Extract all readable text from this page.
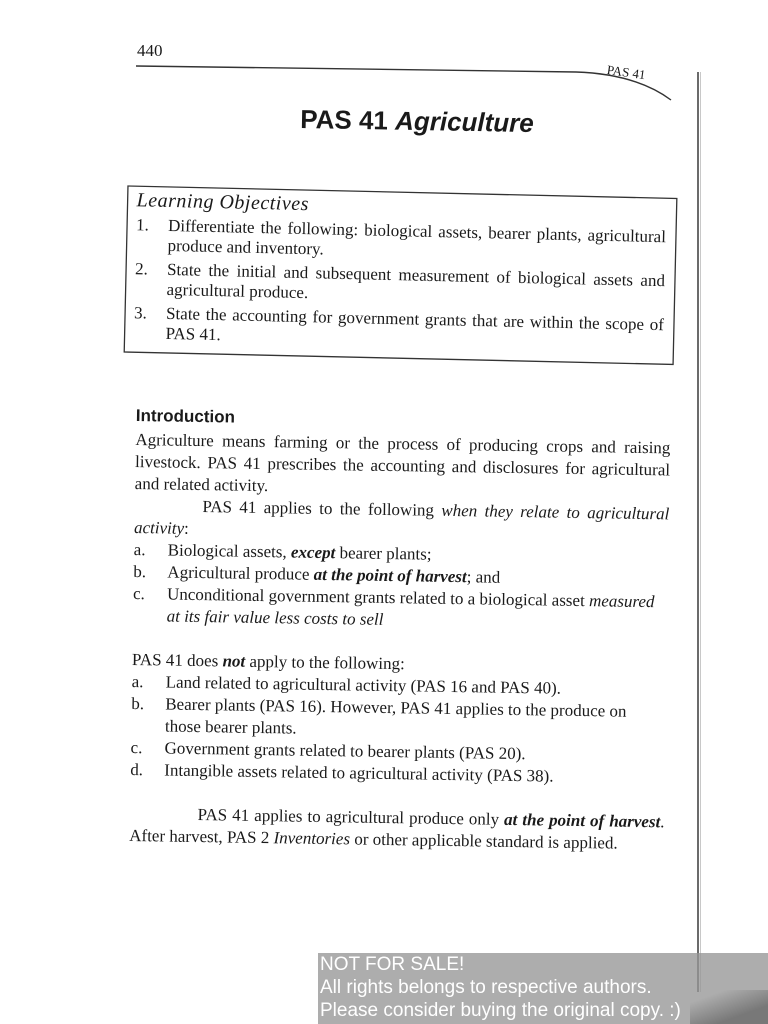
440
PAS 41
PAS 41 Agriculture
Learning Objectives
1. Differentiate the following: biological assets, bearer plants, agricultural produce and inventory.
2. State the initial and subsequent measurement of biological assets and agricultural produce.
3. State the accounting for government grants that are within the scope of PAS 41.
Introduction

Agriculture means farming or the process of producing crops and raising livestock. PAS 41 prescribes the accounting and disclosures for agricultural and related activity.

PAS 41 applies to the following when they relate to agricultural activity:

a. Biological assets, except bearer plants;
b. Agricultural produce at the point of harvest; and
c. Unconditional government grants related to a biological asset measured at its fair value less costs to sell

PAS 41 does not apply to the following:

a. Land related to agricultural activity (PAS 16 and PAS 40).
b. Bearer plants (PAS 16). However, PAS 41 applies to the produce on those bearer plants.
c. Government grants related to bearer plants (PAS 20).
d. Intangible assets related to agricultural activity (PAS 38).

PAS 41 applies to agricultural produce only at the point of harvest. After harvest, PAS 2 Inventories or other applicable standard is applied.

NOT FOR SALE!
All rights belongs to respective authors.
Please consider buying the original copy. :)
